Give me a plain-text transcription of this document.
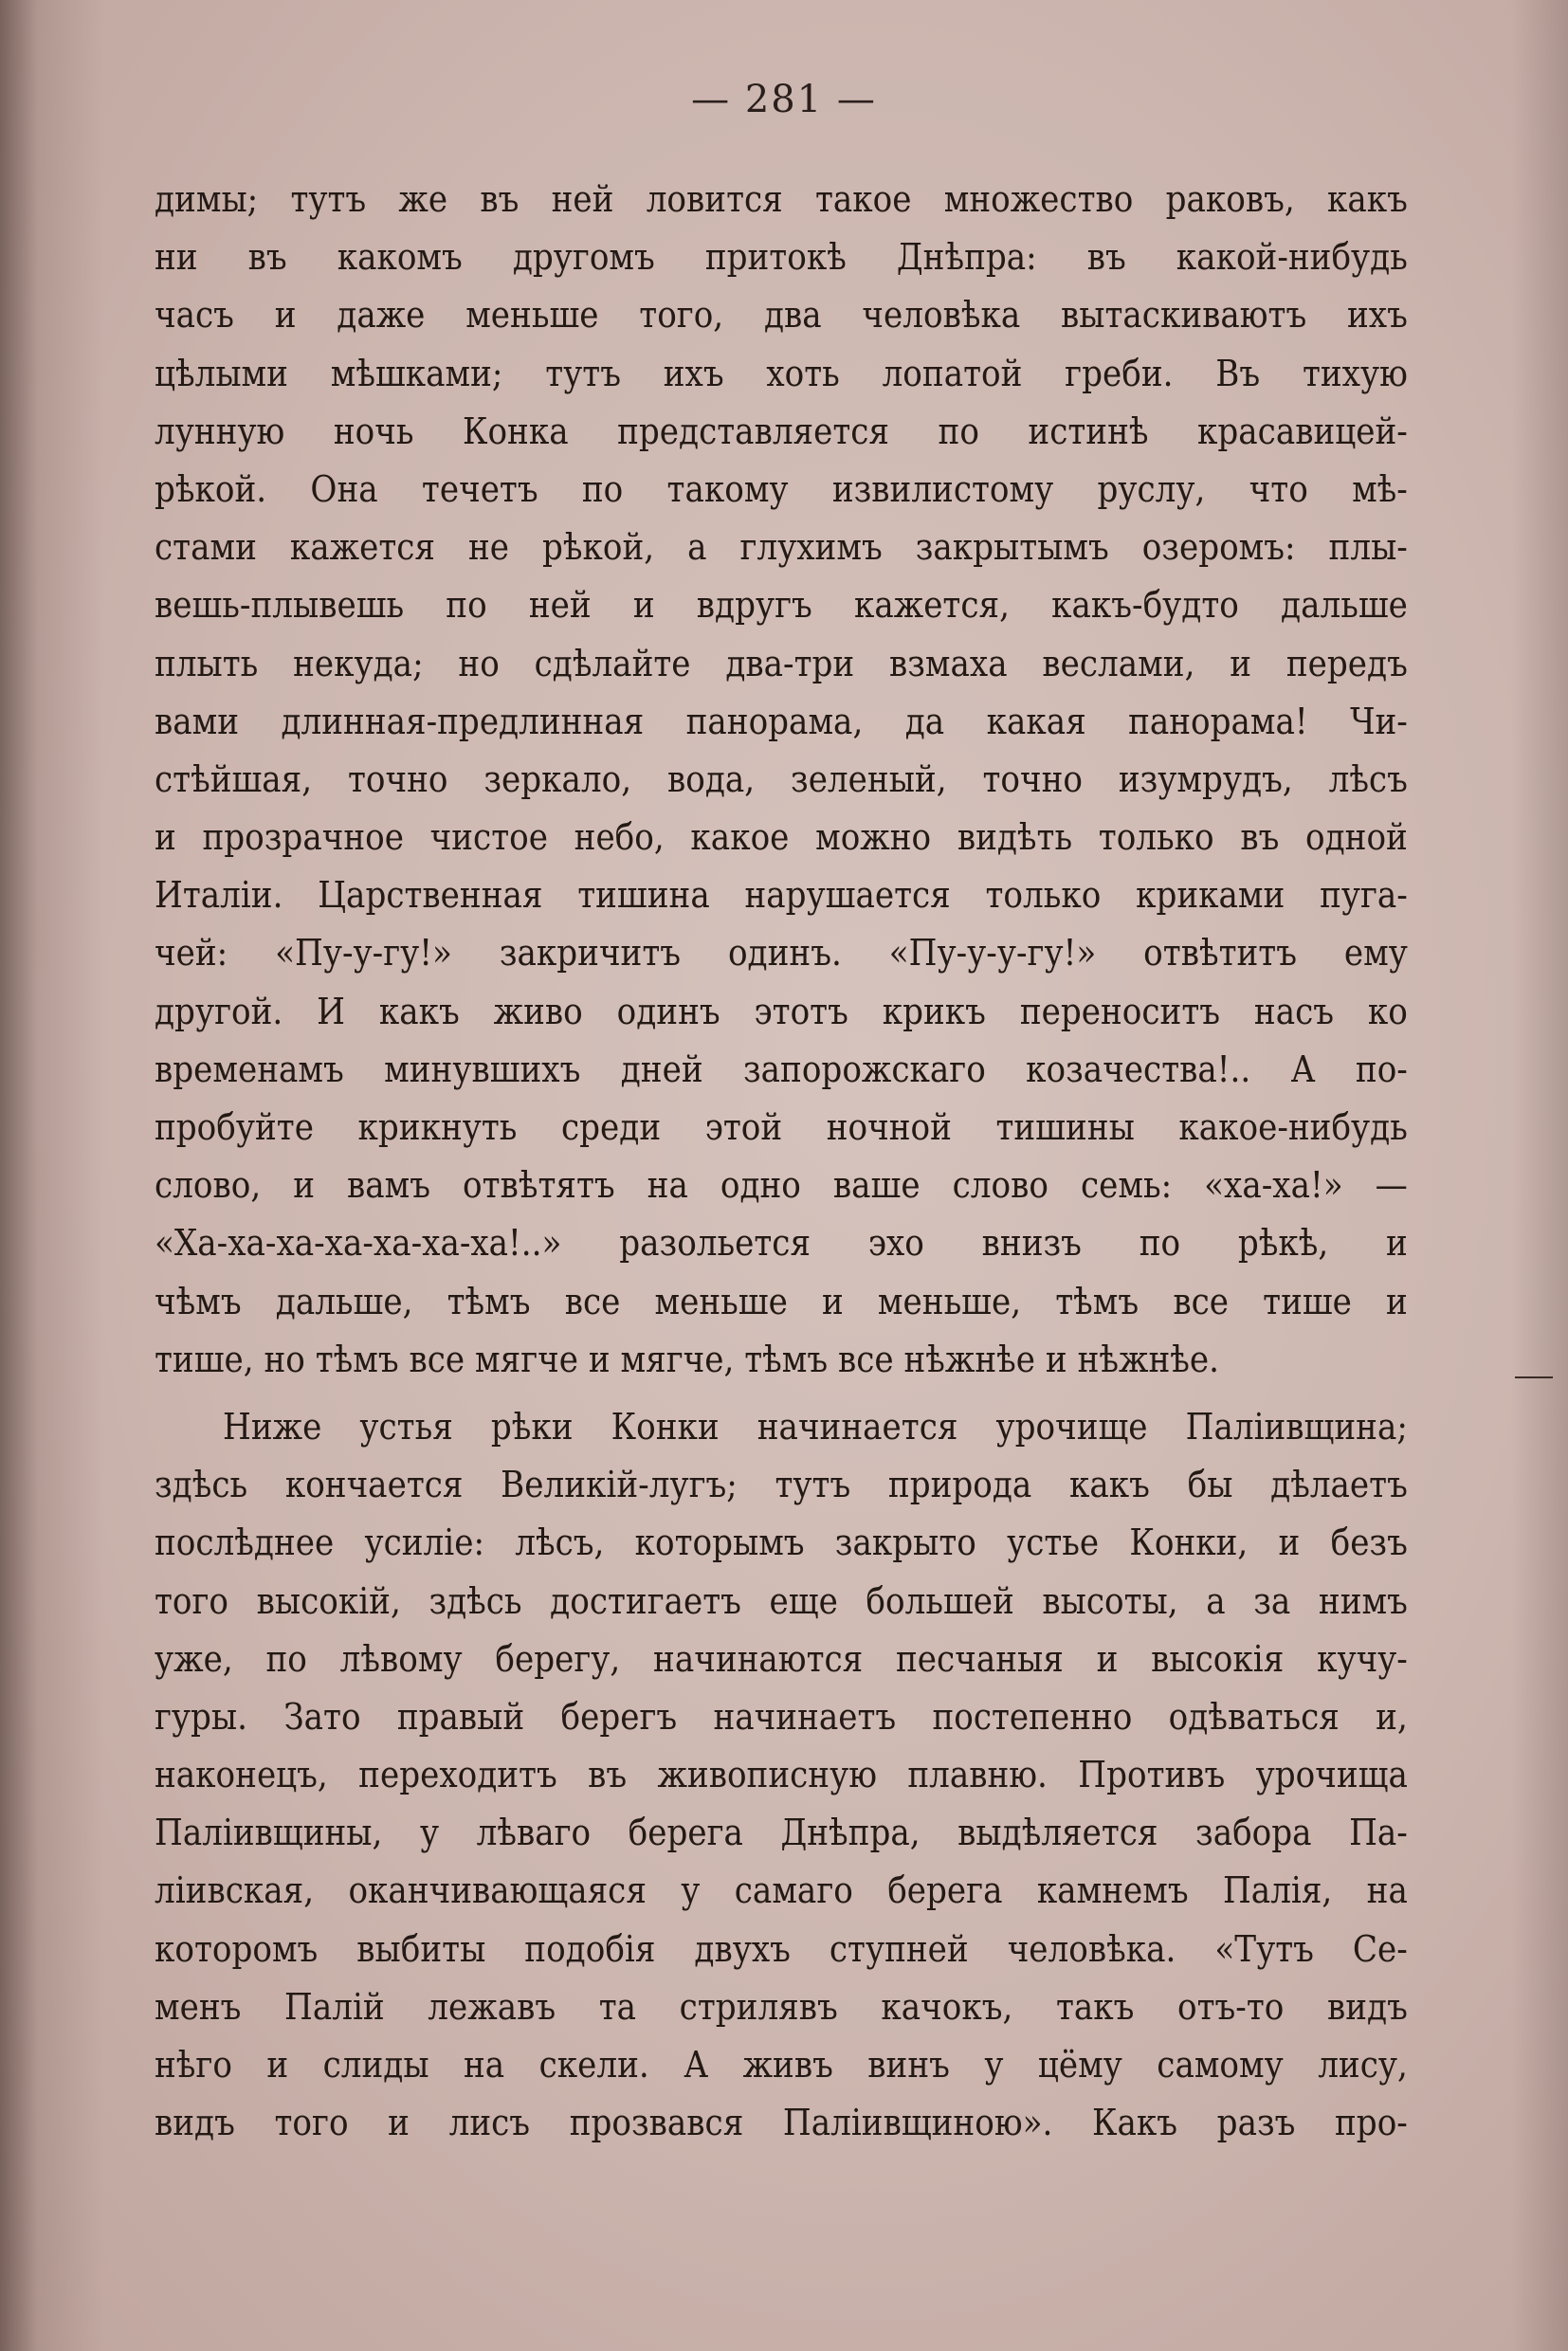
— 281 —

димы; тутъ же въ ней ловится такое множество раковъ, какъ
ни въ какомъ другомъ притокѣ Днѣпра: въ какой-нибудь
часъ и даже меньше того, два человѣка вытаскиваютъ ихъ
цѣлыми мѣшками; тутъ ихъ хоть лопатой греби. Въ тихую
лунную ночь Конка представляется по истинѣ красавицей-
рѣкой. Она течетъ по такому извилистому руслу, что мѣ-
стами кажется не рѣкой, а глухимъ закрытымъ озеромъ: плы-
вешь-плывешь по ней и вдругъ кажется, какъ-будто дальше
плыть некуда; но сдѣлайте два-три взмаха веслами, и передъ
вами длинная-предлинная панорама, да какая панорама! Чи-
стѣйшая, точно зеркало, вода, зеленый, точно изумрудъ, лѣсъ
и прозрачное чистое небо, какое можно видѣть только въ одной
Италіи. Царственная тишина нарушается только криками пуга-
чей: «Пу-у-гу!» закричитъ одинъ. «Пу-у-у-гу!» отвѣтитъ ему
другой. И какъ живо одинъ этотъ крикъ переноситъ насъ ко
временамъ минувшихъ дней запорожскаго козачества!.. А по-
пробуйте крикнуть среди этой ночной тишины какое-нибудь
слово, и вамъ отвѣтятъ на одно ваше слово семь: «ха-ха!» —
«Ха-ха-ха-ха-ха-ха-ха!..» разольется эхо внизъ по рѣкѣ, и
чѣмъ дальше, тѣмъ все меньше и меньше, тѣмъ все тише и
тише, но тѣмъ все мягче и мягче, тѣмъ все нѣжнѣе и нѣжнѣе.

Ниже устья рѣки Конки начинается урочище Палiивщина;
здѣсь кончается Великiй-лугъ; тутъ природа какъ бы дѣлаетъ
послѣднее усилiе: лѣсъ, которымъ закрыто устье Конки, и безъ
того высокiй, здѣсь достигаетъ еще большей высоты, а за нимъ
уже, по лѣвому берегу, начинаются песчаныя и высокiя кучу-
гуры. Зато правый берегъ начинаетъ постепенно одѣваться и,
наконецъ, переходитъ въ живописную плавню. Противъ урочища
Палiивщины, у лѣваго берега Днѣпра, выдѣляется забора Па-
лiивская, оканчивающаяся у самаго берега камнемъ Палiя, на
которомъ выбиты подобiя двухъ ступней человѣка. «Тутъ Се-
менъ Палiй лежавъ та стрилявъ качокъ, такъ отъ-то видъ
нѣго и слиды на скели. А живъ винъ у цёму самому лису,
видъ того и лисъ прозвався Палiивщиною». Какъ разъ про-
